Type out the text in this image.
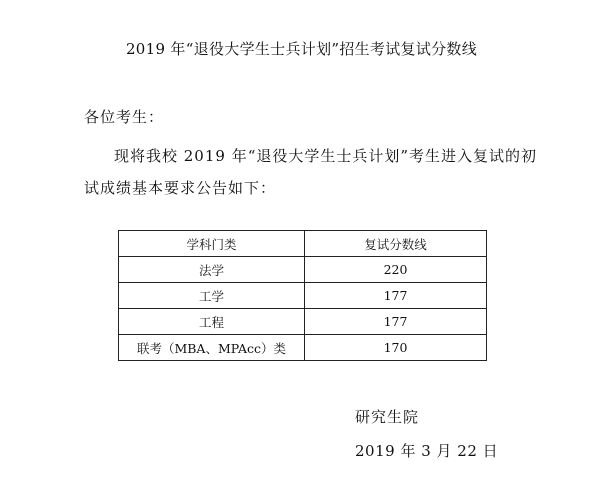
2019 年“退役大学生士兵计划”招生考试复试分数线
各位考生：

现将我校 2019 年“退役大学生士兵计划”考生进入复试的初试成绩基本要求公告如下：

学科门类	复试分数线
法学	220
工学	177
工程	177
联考（MBA、MPAcc）类	170
研究生院
2019 年 3 月 22 日
